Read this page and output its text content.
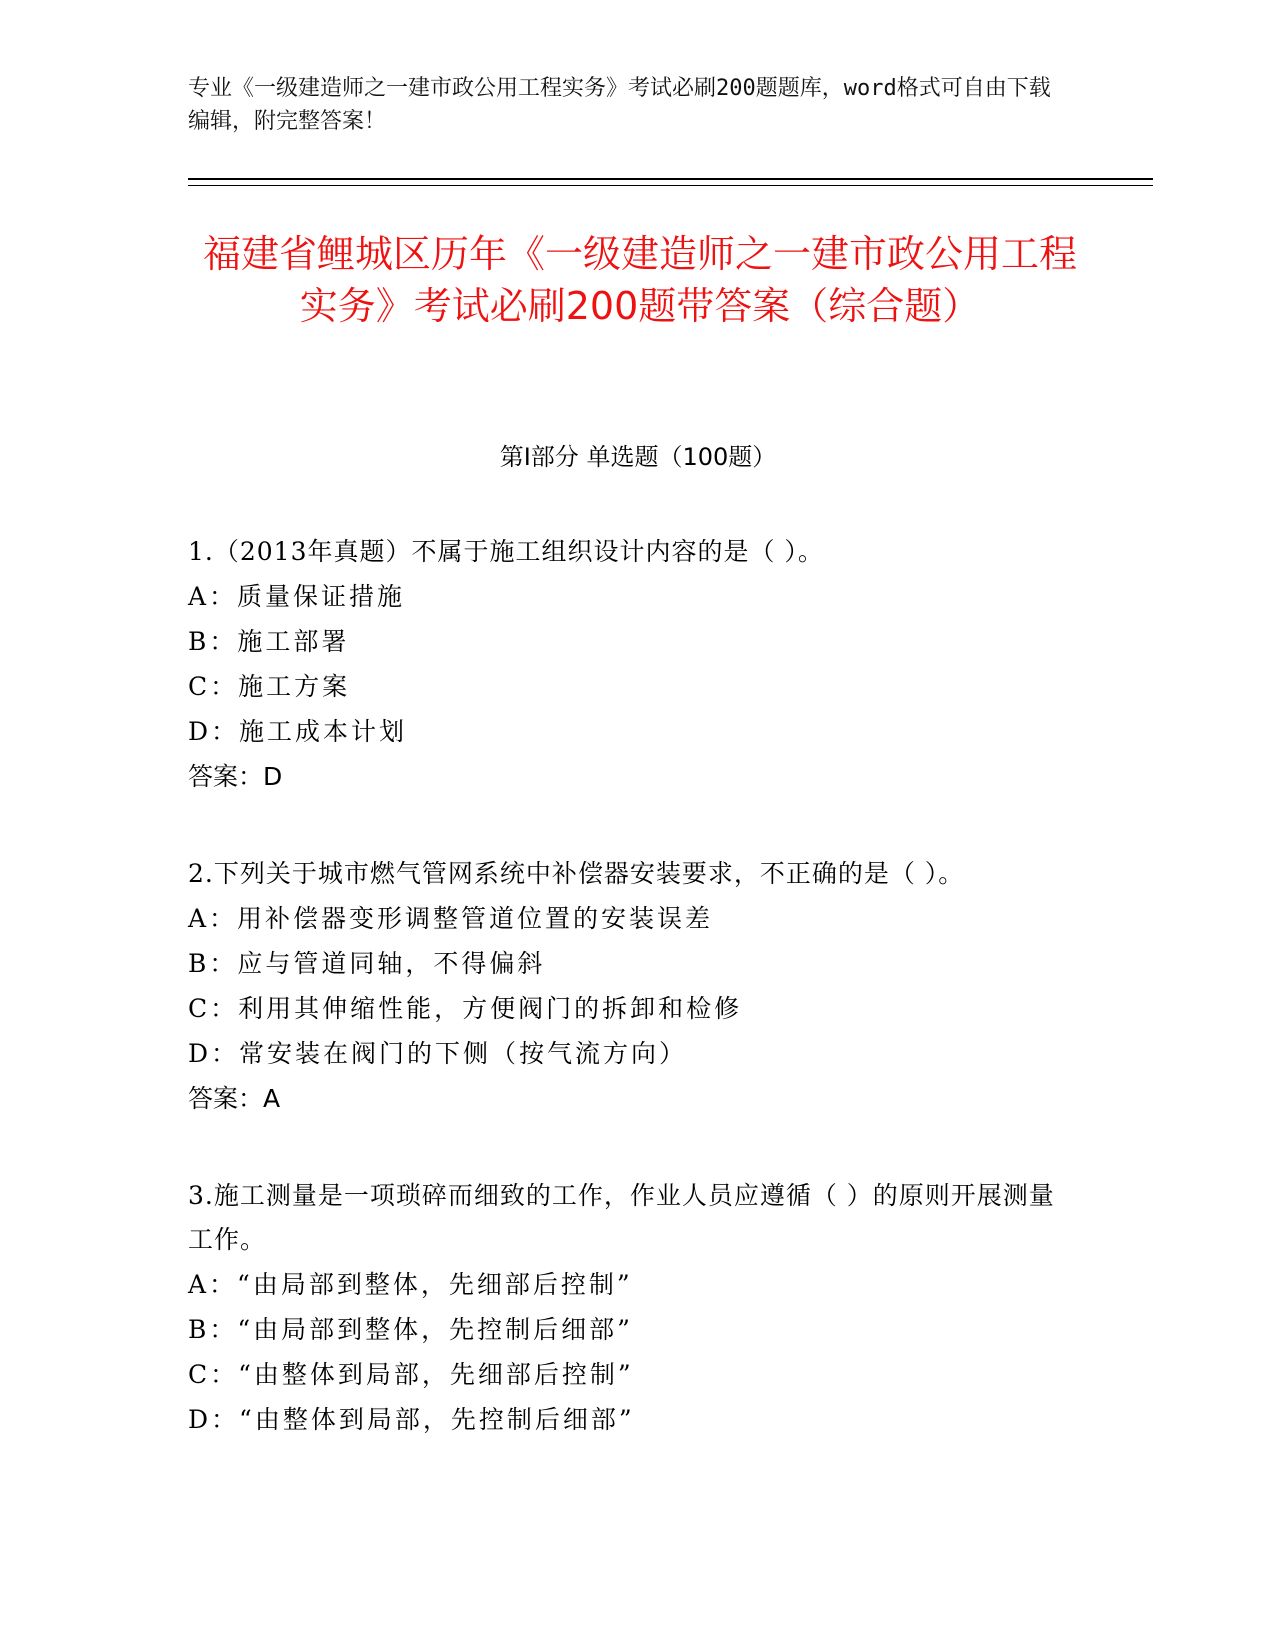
专业《一级建造师之一建市政公用工程实务》考试必刷200题题库，word格式可自由下载编辑，附完整答案！
福建省鲤城区历年《一级建造师之一建市政公用工程实务》考试必刷200题带答案（综合题）
第I部分 单选题（100题）

1.（2013年真题）不属于施工组织设计内容的是（ ）。

A：质量保证措施

B：施工部署

C：施工方案

D：施工成本计划

答案：D

2.下列关于城市燃气管网系统中补偿器安装要求，不正确的是（ ）。

A：用补偿器变形调整管道位置的安装误差

B：应与管道同轴，不得偏斜

C：利用其伸缩性能，方便阀门的拆卸和检修

D：常安装在阀门的下侧（按气流方向）

答案：A

3.施工测量是一项琐碎而细致的工作，作业人员应遵循（ ）的原则开展测量工作。

A：“由局部到整体，先细部后控制”

B：“由局部到整体，先控制后细部”

C：“由整体到局部，先细部后控制”

D：“由整体到局部，先控制后细部”
